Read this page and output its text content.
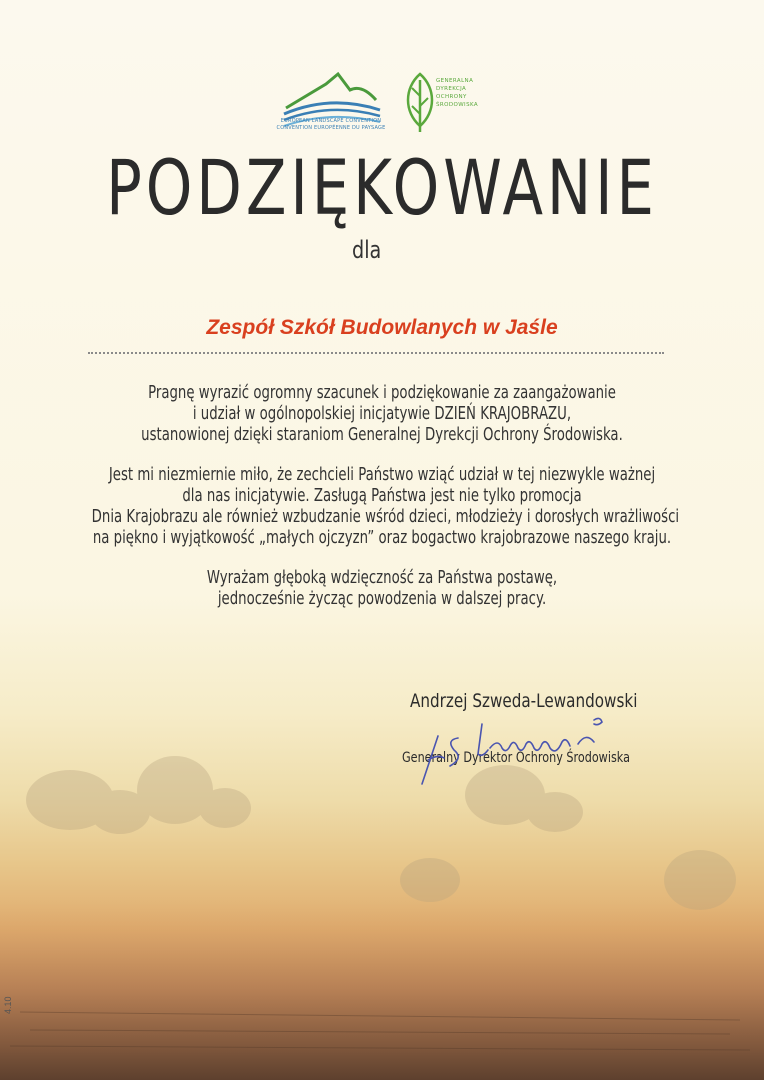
EUROPEAN LANDSCAPE CONVENTION
CONVENTION EUROPÉENNE DU PAYSAGE
GENERALNA
DYREKCJA
OCHRONY
ŚRODOWISKA
PODZIĘKOWANIE
dla
Zespół Szkół Budowlanych w Jaśle
Pragnę wyrazić ogromny szacunek i podziękowanie za zaangażowanie
i udział w ogólnopolskiej inicjatywie DZIEŃ KRAJOBRAZU,
ustanowionej dzięki staraniom Generalnej Dyrekcji Ochrony Środowiska.
Jest mi niezmiernie miło, że zechcieli Państwo wziąć udział w tej niezwykle ważnej
dla nas inicjatywie. Zasługą Państwa jest nie tylko promocja
Dnia Krajobrazu ale również wzbudzanie wśród dzieci, młodzieży i dorosłych wrażliwości
na piękno i wyjątkowość „małych ojczyzn” oraz bogactwo krajobrazowe naszego kraju.
Wyrażam głęboką wdzięczność za Państwa postawę,
jednocześnie życząc powodzenia w dalszej pracy.
Andrzej Szweda-Lewandowski
Generalny Dyrektor Ochrony Środowiska
4.10
